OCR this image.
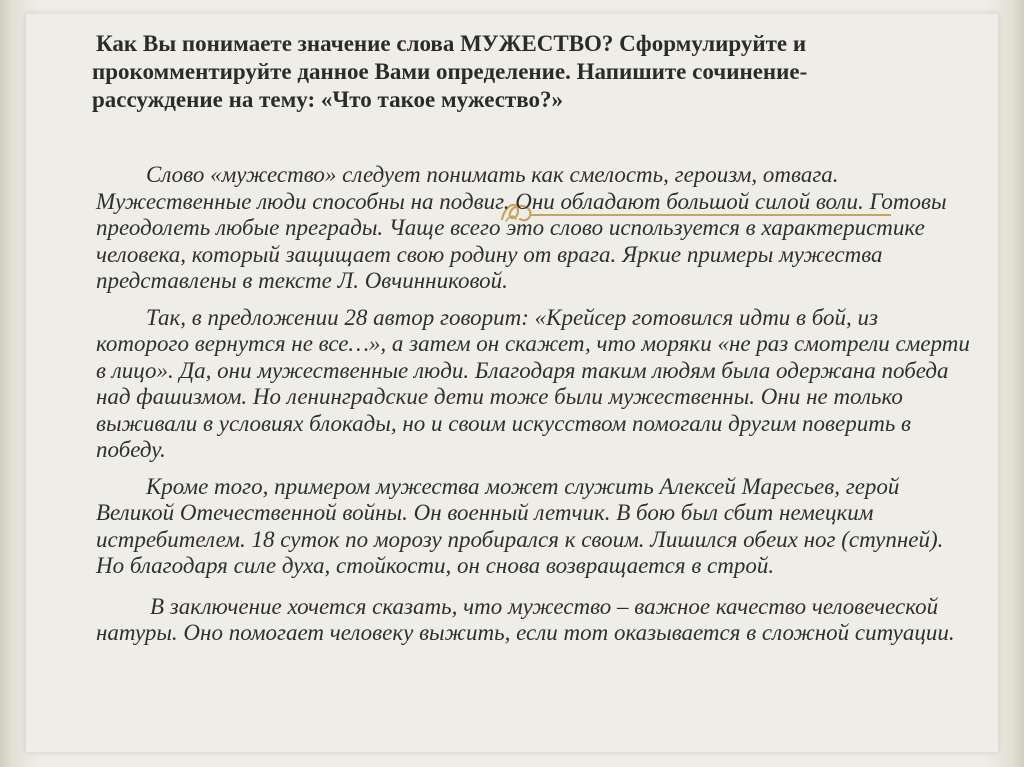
Как Вы понимаете значение слова МУЖЕСТВО? Сформулируйте и
прокомментируйте данное Вами определение. Напишите сочинение-
рассуждение на тему: «Что такое мужество?»

Слово «мужество» следует понимать как смелость, героизм, отвага. Мужественные люди способны на подвиг. Они обладают большой силой воли. Готовы преодолеть любые преграды. Чаще всего это слово используется в характеристике человека, который защищает свою родину от врага. Яркие примеры мужества представлены в тексте Л. Овчинниковой.

Так, в предложении 28 автор говорит: «Крейсер готовился идти в бой, из которого вернутся не все…», а затем он скажет, что моряки «не раз смотрели смерти в лицо». Да, они мужественные люди. Благодаря таким людям была одержана победа над фашизмом. Но ленинградские дети тоже были мужественны. Они не только выживали в условиях блокады, но и своим искусством помогали другим поверить в победу.

Кроме того, примером мужества может служить Алексей Маресьев, герой Великой Отечественной войны. Он военный летчик. В бою был сбит немецким истребителем. 18 суток по морозу пробирался к своим. Лишился обеих ног (ступней). Но благодаря силе духа, стойкости, он снова возвращается в строй.

В заключение хочется сказать, что мужество – важное качество человеческой натуры. Оно помогает человеку выжить, если тот оказывается в сложной ситуации.
